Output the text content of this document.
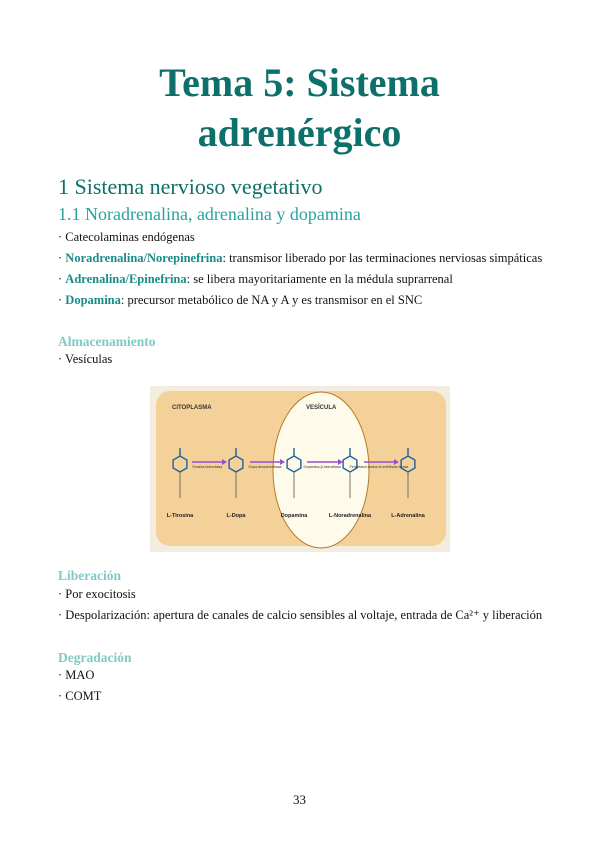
Tema 5: Sistema
adrenérgico
1 Sistema nervioso vegetativo
1.1 Noradrenalina, adrenalina y dopamina
· Catecolaminas endógenas
· Noradrenalina/Norepinefrina: transmisor liberado por las terminaciones nerviosas simpáticas
· Adrenalina/Epinefrina: se libera mayoritariamente en la médula suprarrenal
· Dopamina: precursor metabólico de NA y A y es transmisor en el SNC
Almacenamiento
· Vesículas
CITOPLASMA	VESÍCULA
L-Tirosina	L-Dopa	Dopamina	L-Noradrenalina	L-Adrenalina
Tirosina-hidroxilasa	Dopa-descarboxilasa	Dopamina-β-hidroxilasa	Feniletanol-amina-N-metiltrans-ferasa
Liberación
· Por exocitosis
· Despolarización: apertura de canales de calcio sensibles al voltaje, entrada de Ca²⁺ y liberación
Degradación
· MAO
· COMT
33
